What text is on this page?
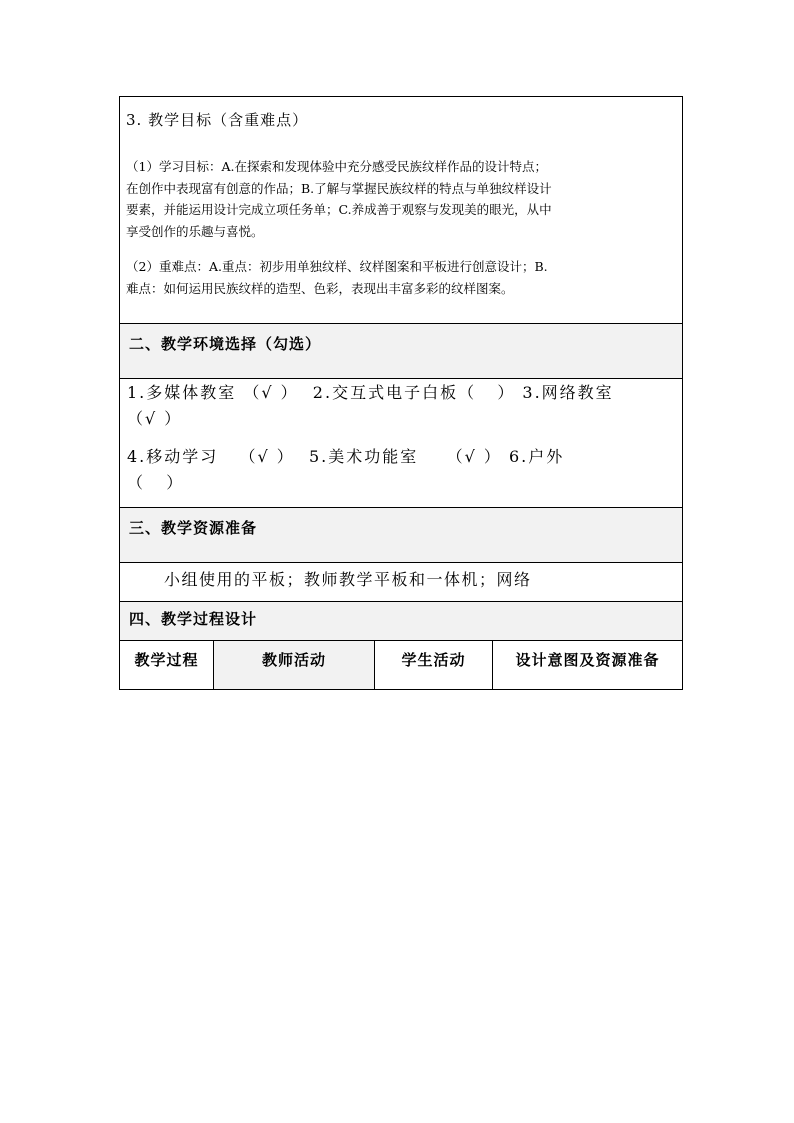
3. 教学目标（含重难点）

（1）学习目标：A.在探索和发现体验中充分感受民族纹样作品的设计特点；

在创作中表现富有创意的作品；B.了解与掌握民族纹样的特点与单独纹样设计

要素，并能运用设计完成立项任务单；C.养成善于观察与发现美的眼光，从中

享受创作的乐趣与喜悦。

（2）重难点：A.重点：初步用单独纹样、纹样图案和平板进行创意设计；B.

难点：如何运用民族纹样的造型、色彩，表现出丰富多彩的纹样图案。

二、教学环境选择（勾选）

1.多媒体教室 （√ ）  2.交互式电子白板（   ） 3.网络教室
（√ ）
4.移动学习   （√ ）  5.美术功能室    （√ ） 6.户外
（   ）

三、教学资源准备

小组使用的平板；教师教学平板和一体机；网络

四、教学过程设计

教学过程	教师活动	学生活动	设计意图及资源准备
